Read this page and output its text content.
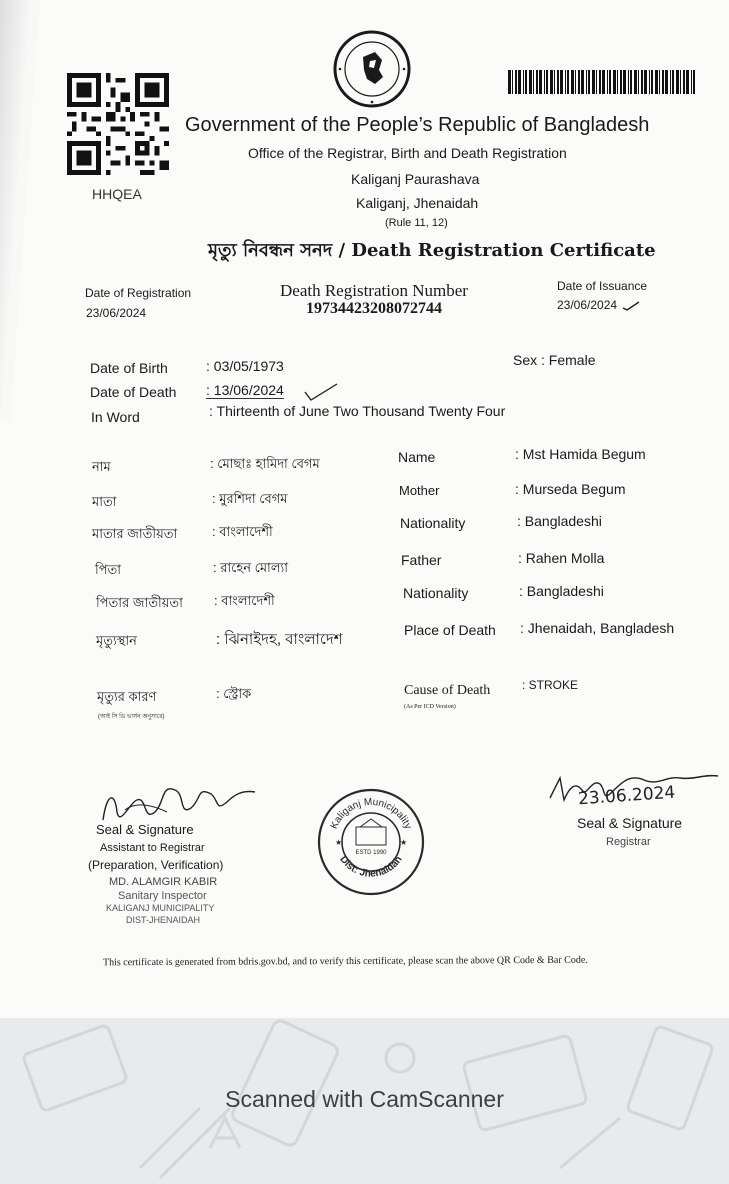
HHQEA
Government of the People’s Republic of Bangladesh
Office of the Registrar, Birth and Death Registration
Kaliganj Paurashava
Kaliganj, Jhenaidah
(Rule 11, 12)
মৃত্যু নিবন্ধন সনদ / Death Registration Certificate
Date of Registration
23/06/2024
Death Registration Number
19734423208072744
Date of Issuance
23/06/2024
Date of Birth	: 03/05/1973
Date of Death : 13/06/2024
In Word	: Thirteenth of June Two Thousand Twenty Four
Sex : Female
নাম	: মোছাঃ হামিদা বেগম
মাতা	: মুরশিদা বেগম
মাতার জাতীয়তা	: বাংলাদেশী
পিতা	: রাহেন মোল্যা
পিতার জাতীয়তা : বাংলাদেশী
মৃত্যুস্থান	: ঝিনাইদহ, বাংলাদেশ
মৃত্যুর কারণ
(আই সি ডি ভার্সন অনুসারে)
: স্ট্রোক
Name	: Mst Hamida Begum
Mother	: Murseda Begum
Nationality	: Bangladeshi
Father	: Rahen Molla
Nationality	: Bangladeshi
Place of Death : Jhenaidah, Bangladesh
Cause of Death
(As Per ICD Version)
: STROKE
Seal & Signature
Assistant to Registrar
(Preparation, Verification)
MD. ALAMGIR KABIR
Sanitary Inspector
KALIGANJ MUNICIPALITY
DIST-JHENAIDAH
Kaliganj Municipality
Dist: Jhenaidah
ESTD 1990
★	★
23.06.2024
Seal & Signature
Registrar
This certificate is generated from bdris.gov.bd, and to verify this certificate, please scan the above QR Code & Bar Code.
Scanned with CamScanner
